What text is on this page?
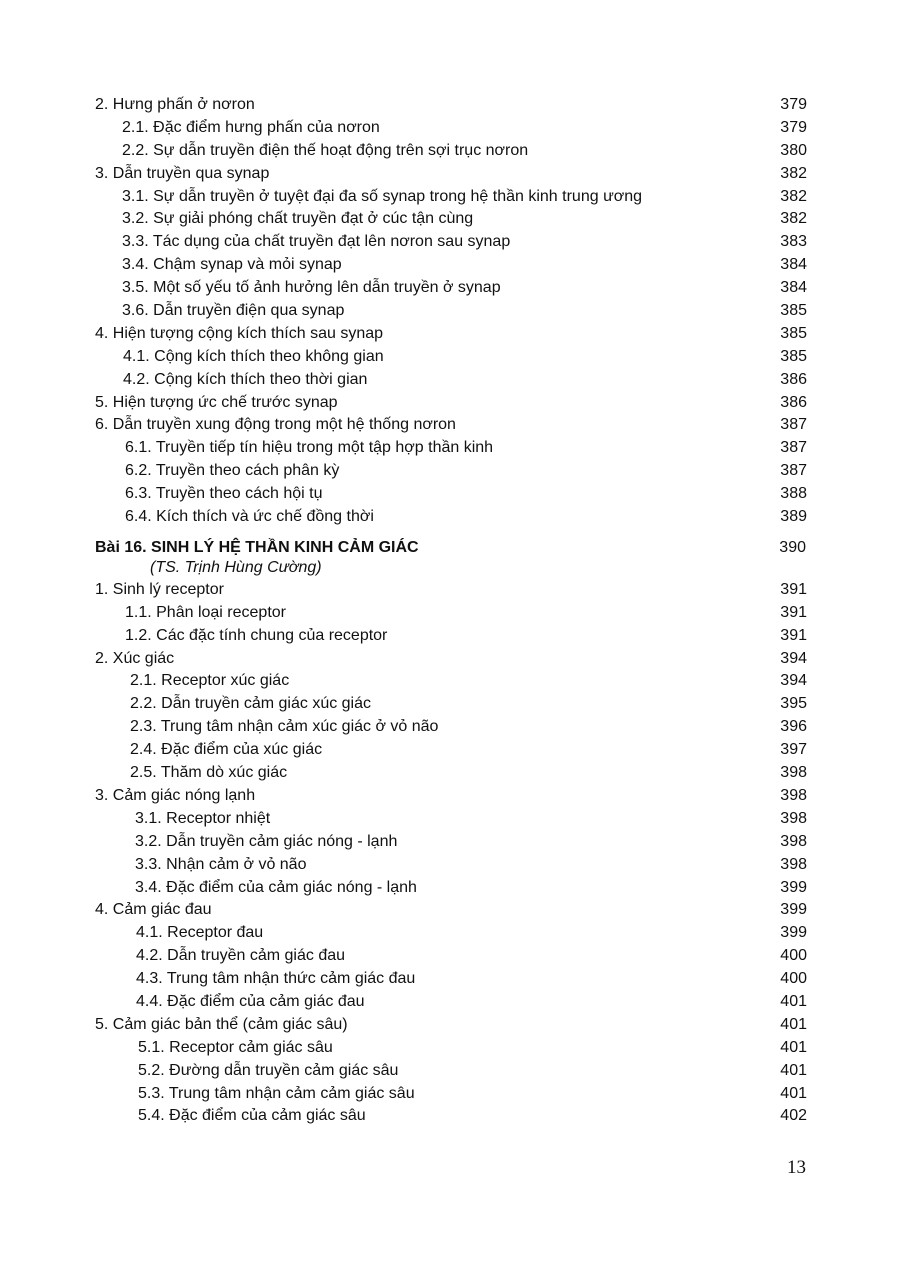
2. Hưng phấn ở nơron	379
2.1. Đặc điểm hưng phấn của nơron	379
2.2. Sự dẫn truyền điện thế hoạt động trên sợi trục nơron	380
3. Dẫn truyền qua synap	382
3.1. Sự dẫn truyền ở tuyệt đại đa số synap trong hệ thần kinh trung ương	382
3.2. Sự giải phóng chất truyền đạt ở cúc tận cùng	382
3.3. Tác dụng của chất truyền đạt lên nơron sau synap	383
3.4. Chậm synap và mỏi synap	384
3.5. Một số yếu tố ảnh hưởng lên dẫn truyền ở synap	384
3.6. Dẫn truyền điện qua synap	385
4. Hiện tượng cộng kích thích sau synap	385
4.1. Cộng kích thích theo không gian	385
4.2. Cộng kích thích theo thời gian	386
5. Hiện tượng ức chế trước synap	386
6. Dẫn truyền xung động trong một hệ thống nơron	387
6.1. Truyền tiếp tín hiệu trong một tập hợp thần kinh	387
6.2. Truyền theo cách phân kỳ	387
6.3. Truyền theo cách hội tụ	388
6.4. Kích thích và ức chế đồng thời	389
Bài 16. SINH LÝ HỆ THẦN KINH CẢM GIÁC	390
(TS. Trịnh Hùng Cường)
1. Sinh lý receptor	391
1.1. Phân loại receptor	391
1.2. Các đặc tính chung của receptor	391
2. Xúc giác	394
2.1. Receptor xúc giác	394
2.2. Dẫn truyền cảm giác xúc giác	395
2.3. Trung tâm nhận cảm xúc giác ở vỏ não	396
2.4. Đặc điểm của xúc giác	397
2.5. Thăm dò xúc giác	398
3. Cảm giác nóng lạnh	398
3.1. Receptor nhiệt	398
3.2. Dẫn truyền cảm giác nóng - lạnh	398
3.3. Nhận cảm ở vỏ não	398
3.4. Đặc điểm của cảm giác nóng - lạnh	399
4. Cảm giác đau	399
4.1. Receptor đau	399
4.2. Dẫn truyền cảm giác đau	400
4.3. Trung tâm nhận thức cảm giác đau	400
4.4. Đặc điểm của cảm giác đau	401
5. Cảm giác bản thể (cảm giác sâu)	401
5.1. Receptor cảm giác sâu	401
5.2. Đường dẫn truyền cảm giác sâu	401
5.3. Trung tâm nhận cảm cảm giác sâu	401
5.4. Đặc điểm của cảm giác sâu	402
13
